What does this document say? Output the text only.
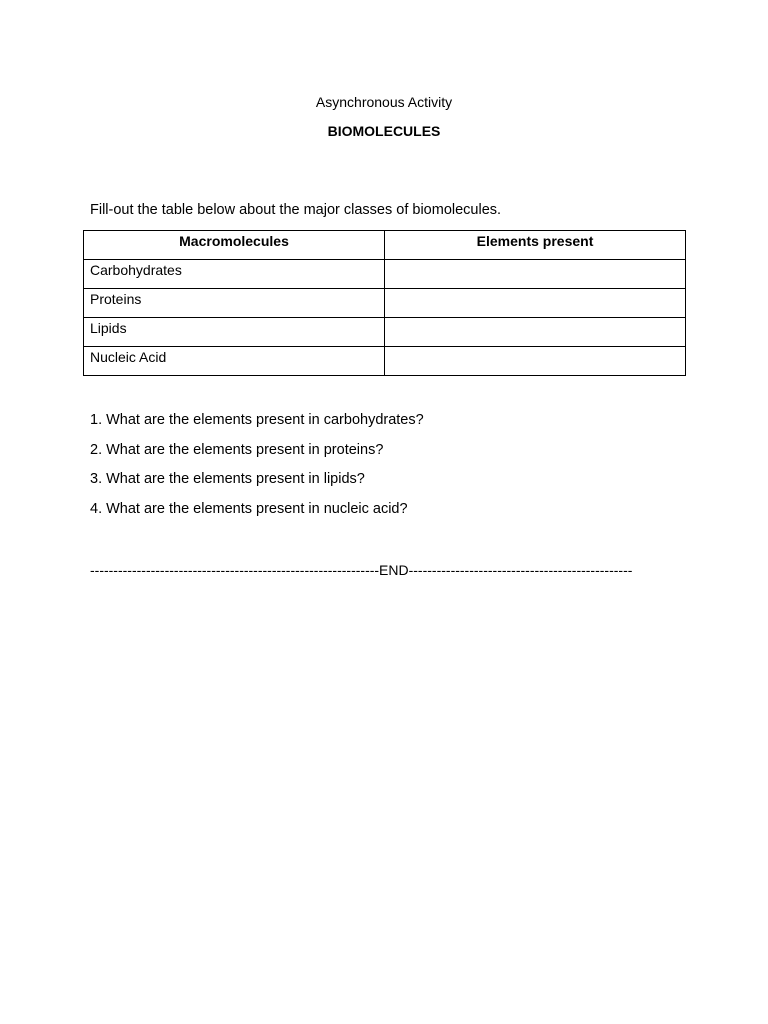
Asynchronous Activity
BIOMOLECULES
Fill-out the table below about the major classes of biomolecules.
Macromolecules	Elements present
Carbohydrates	
Proteins	
Lipids	
Nucleic Acid	
1. What are the elements present in carbohydrates?
2. What are the elements present in proteins?
3. What are the elements present in lipids?
4. What are the elements present in nucleic acid?
--------------------------------------------------------------END------------------------------------------------
